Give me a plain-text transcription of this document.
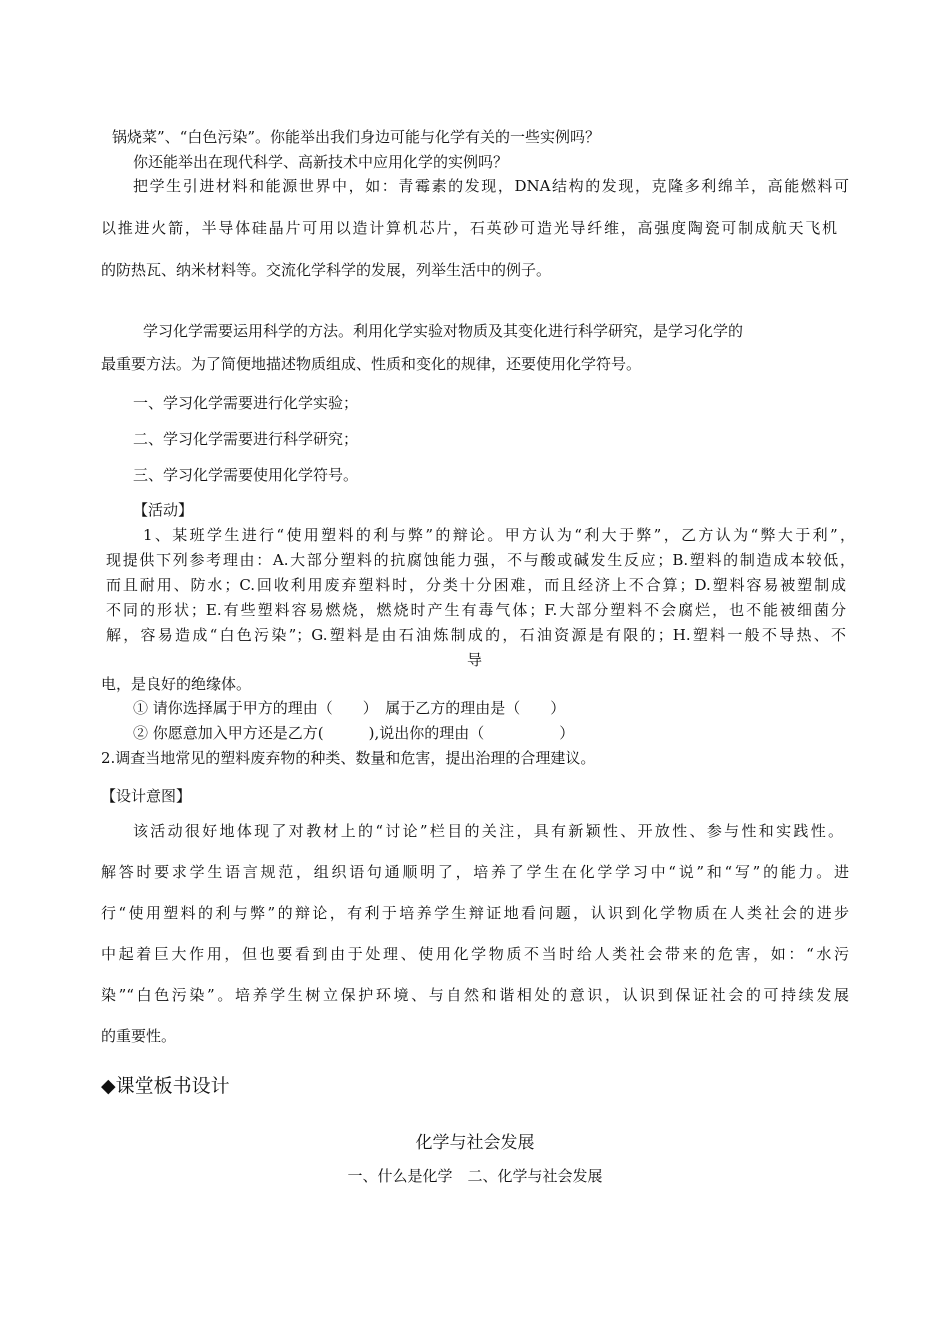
锅烧菜”、“白色污染”。你能举出我们身边可能与化学有关的一些实例吗？
你还能举出在现代科学、高新技术中应用化学的实例吗？
把学生引进材料和能源世界中，如：青霉素的发现，DNA结构的发现，克隆多利绵羊，高能燃料可
以推进火箭，半导体硅晶片可用以造计算机芯片，石英砂可造光导纤维，高强度陶瓷可制成航天飞机
的防热瓦、纳米材料等。交流化学科学的发展，列举生活中的例子。
学习化学需要运用科学的方法。利用化学实验对物质及其变化进行科学研究，是学习化学的
最重要方法。为了简便地描述物质组成、性质和变化的规律，还要使用化学符号。
一、学习化学需要进行化学实验；
二、学习化学需要进行科学研究；
三、学习化学需要使用化学符号。
【活动】
1、某班学生进行“使用塑料的利与弊”的辩论。甲方认为“利大于弊”，乙方认为“弊大于利”，
现提供下列参考理由：A.大部分塑料的抗腐蚀能力强，不与酸或碱发生反应；B.塑料的制造成本较低，
而且耐用、防水；C.回收利用废弃塑料时，分类十分困难，而且经济上不合算；D.塑料容易被塑制成
不同的形状；E.有些塑料容易燃烧，燃烧时产生有毒气体；F.大部分塑料不会腐烂，也不能被细菌分
解，容易造成“白色污染”；G.塑料是由石油炼制成的，石油资源是有限的；H.塑料一般不导热、不
导
电，是良好的绝缘体。
① 请你选择属于甲方的理由（　　）　属于乙方的理由是（　　）
② 你愿意加入甲方还是乙方(　　　),说出你的理由（　　　　　）
2.调查当地常见的塑料废弃物的种类、数量和危害，提出治理的合理建议。
【设计意图】
该活动很好地体现了对教材上的“讨论”栏目的关注，具有新颖性、开放性、参与性和实践性。
解答时要求学生语言规范，组织语句通顺明了，培养了学生在化学学习中“说”和“写”的能力。进
行“使用塑料的利与弊”的辩论，有利于培养学生辩证地看问题，认识到化学物质在人类社会的进步
中起着巨大作用，但也要看到由于处理、使用化学物质不当时给人类社会带来的危害，如：“水污
染”“白色污染”。培养学生树立保护环境、与自然和谐相处的意识，认识到保证社会的可持续发展
的重要性。
◆课堂板书设计
化学与社会发展
一、什么是化学　二、化学与社会发展
